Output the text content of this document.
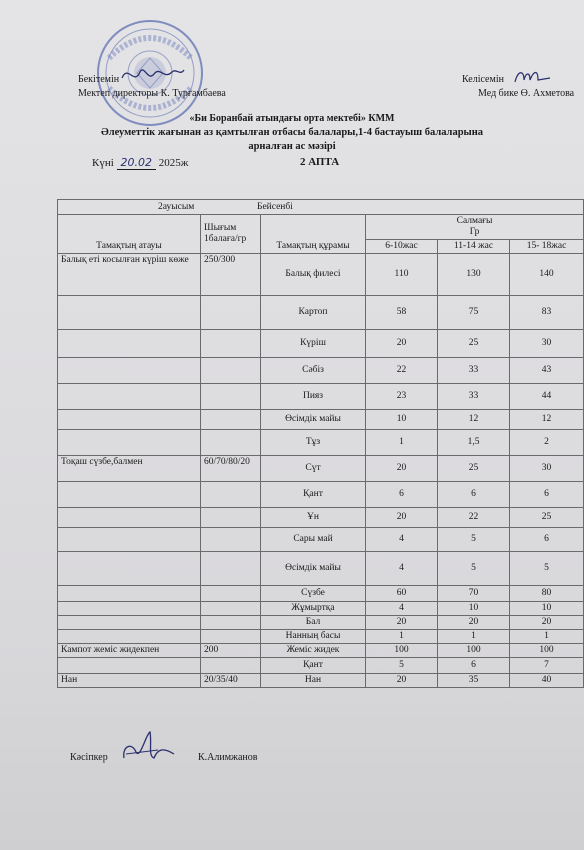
Бекітемін
Мектеп директоры К. Турғамбаева
Келісемін
Мед бике Ө. Ахметова
«Би Боранбай атындағы орта мектебі» КММ
Әлеуметтік жағынан аз қамтылған отбасы балалары,1-4 бастауыш балаларына
арналған ас мәзірі
Күні 20.02 2025ж	2 АПТА
2ауысым Бейсенбі					
Тамақтың атауы	Шығым 1балаға/гр	Тамақтың құрамы	Салмағы
Гр		

			6-10жас	11-14 жас	15- 18жас
Балық еті косылған күріш көже	250/300	Балық филесі	110	130	140
		Картоп	58	75	83
		Күріш	20	25	30
		Сәбіз	22	33	43
		Пияз	23	33	44
		Өсімдік майы	10	12	12
		Тұз	1	1,5	2
Тоқаш сүзбе,балмен	60/70/80/20	Сүт	20	25	30
		Қант	6	6	6
		Ұн	20	22	25
		Сары май	4	5	6
		Өсімдік майы	4	5	5
		Сүзбе	60	70	80
		Жұмыртқа	4	10	10
		Бал	20	20	20
		Нанның басы	1	1	1
Кампот жеміс жидекпен	200	Жеміс жидек	100	100	100
		Қант	5	6	7
Нан	20/35/40	Нан	20	35	40
Кәсіпкер	К.Алимжанов
